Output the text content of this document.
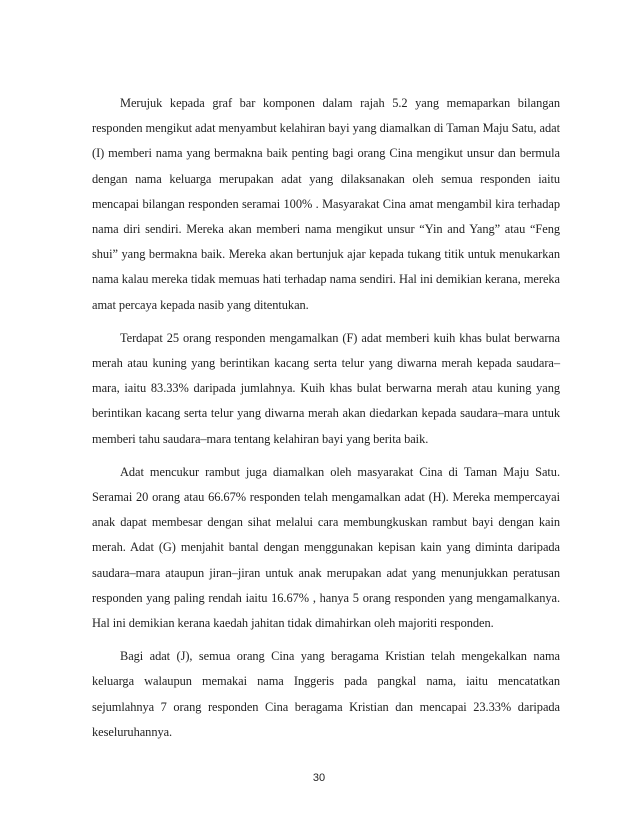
Merujuk kepada graf bar komponen dalam rajah 5.2 yang memaparkan bilangan responden mengikut adat menyambut kelahiran bayi yang diamalkan di Taman Maju Satu, adat (I) memberi nama yang bermakna baik penting bagi orang Cina mengikut unsur dan bermula dengan nama keluarga merupakan adat yang dilaksanakan oleh semua responden iaitu mencapai bilangan responden seramai 100% . Masyarakat Cina amat mengambil kira terhadap nama diri sendiri. Mereka akan memberi nama mengikut unsur “Yin and Yang” atau “Feng shui” yang bermakna baik. Mereka akan bertunjuk ajar kepada tukang titik untuk menukarkan nama kalau mereka tidak memuas hati terhadap nama sendiri. Hal ini demikian kerana, mereka amat percaya kepada nasib yang ditentukan.

Terdapat 25 orang responden mengamalkan (F) adat memberi kuih khas bulat berwarna merah atau kuning yang berintikan kacang serta telur yang diwarna merah kepada saudara–mara, iaitu 83.33% daripada jumlahnya. Kuih khas bulat berwarna merah atau kuning yang berintikan kacang serta telur yang diwarna merah akan diedarkan kepada saudara–mara untuk memberi tahu saudara–mara tentang kelahiran bayi yang berita baik.

Adat mencukur rambut juga diamalkan oleh masyarakat Cina di Taman Maju Satu. Seramai 20 orang atau 66.67% responden telah mengamalkan adat (H). Mereka mempercayai anak dapat membesar dengan sihat melalui cara membungkuskan rambut bayi dengan kain merah. Adat (G) menjahit bantal dengan menggunakan kepisan kain yang diminta daripada saudara–mara ataupun jiran–jiran untuk anak merupakan adat yang menunjukkan peratusan responden yang paling rendah iaitu 16.67% , hanya 5 orang responden yang mengamalkanya. Hal ini demikian kerana kaedah jahitan tidak dimahirkan oleh majoriti responden.

Bagi adat (J), semua orang Cina yang beragama Kristian telah mengekalkan nama keluarga walaupun memakai nama Inggeris pada pangkal nama, iaitu mencatatkan sejumlahnya 7 orang responden Cina beragama Kristian dan mencapai 23.33% daripada keseluruhannya.

30
